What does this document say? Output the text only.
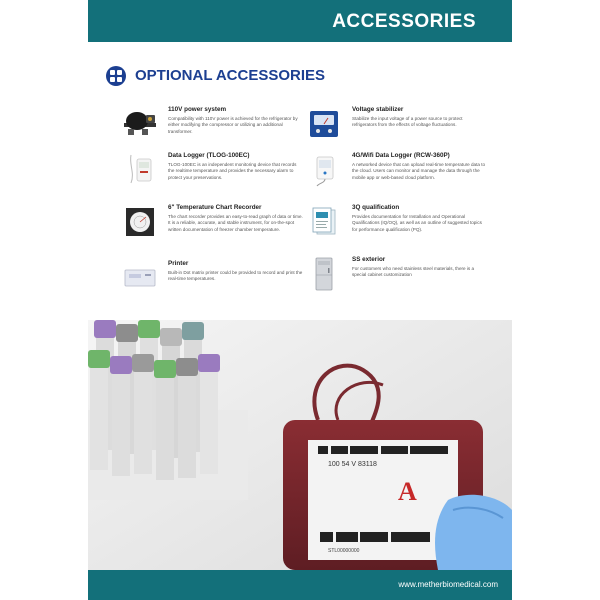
ACCESSORIES
OPTIONAL ACCESSORIES
110V power system
Compatibility with 110V power is achieved for the refrigerator by either modifying the compressor or utilizing an additional transformer.
Voltage stabilizer
Stabilize the input voltage of a power source to protect refrigerators from the effects of voltage fluctuations.
Data Logger (TLOG-100EC)
TLOG-100EC is an independent monitoring device that records the realtime temperature and provides the necessary alarm to protect your preservations.
4G/Wifi Data Logger (RCW-360P)
A networked device that can upload real-time temperature data to the cloud. Users can monitor and manage the data through the mobile app or web-based cloud platform.
6" Temperature Chart Recorder
The chart recorder provides an easy-to-read graph of data or time. It is a reliable, accurate, and stable instrument, for on-the-spot written documentation of freezer chamber temperature.
3Q qualification
Provides documentation for Installation and Operational Qualifications (IQ/OQ), as well as an outline of suggested topics for performance qualification (PQ).
Printer
Built-in Dot matrix printer could be provided to record and print the real-time temperatures.
SS exterior
For customers who need stainless steel materials, there is a special cabinet customization
100 54 V 83118
A
STL00000000
www.metherbiomedical.com
